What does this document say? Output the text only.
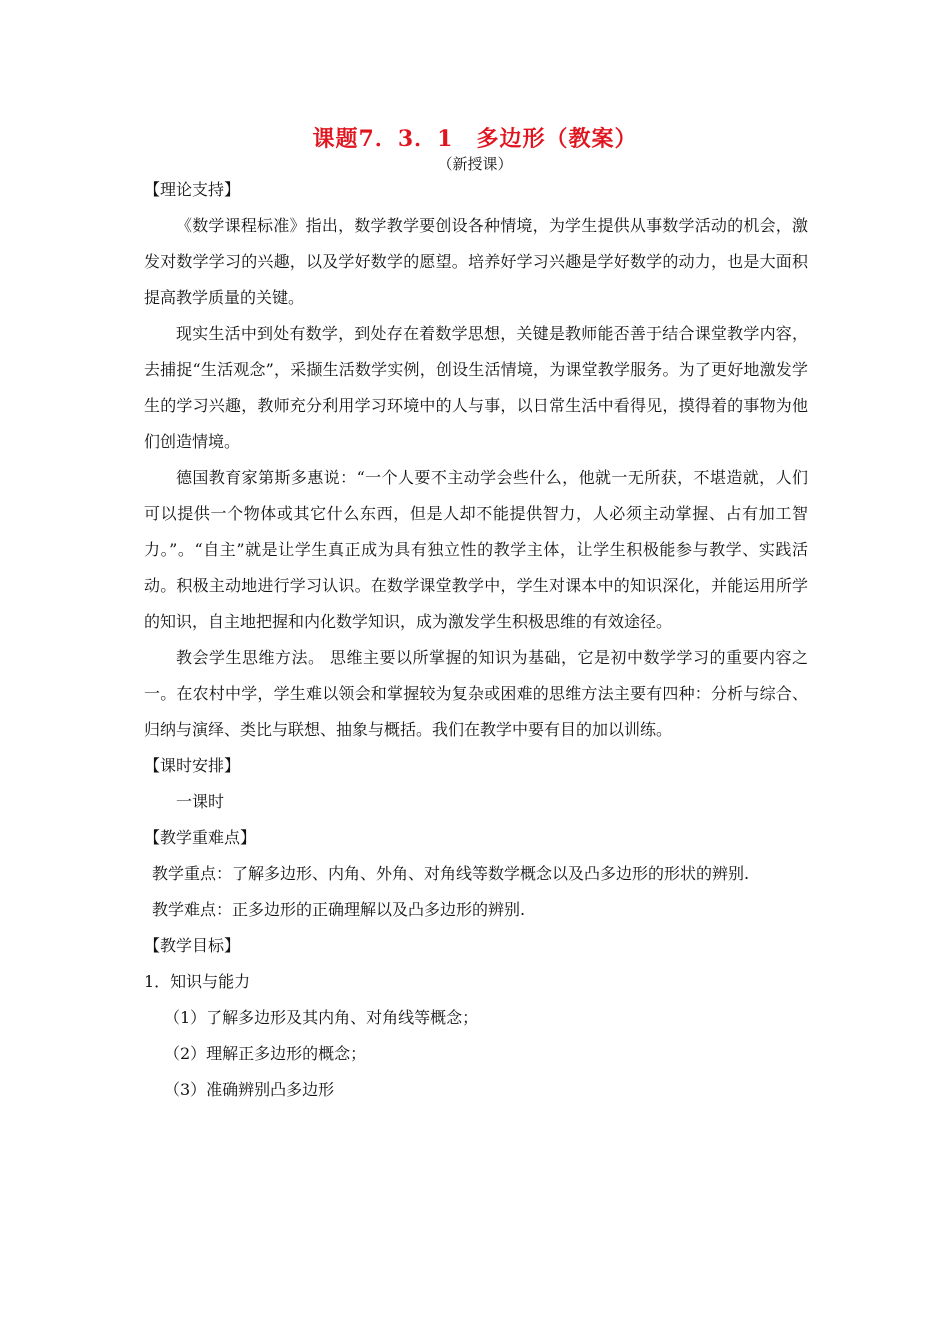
课题7．3．1　多边形（教案）
（新授课）

【理论支持】

《数学课程标准》指出，数学教学要创设各种情境，为学生提供从事数学活动的机会，激发对数学学习的兴趣，以及学好数学的愿望。培养好学习兴趣是学好数学的动力，也是大面积提高教学质量的关键。

现实生活中到处有数学，到处存在着数学思想，关键是教师能否善于结合课堂教学内容，去捕捉“生活观念”，采撷生活数学实例，创设生活情境，为课堂教学服务。为了更好地激发学生的学习兴趣，教师充分利用学习环境中的人与事，以日常生活中看得见，摸得着的事物为他们创造情境。

德国教育家第斯多惠说：“一个人要不主动学会些什么，他就一无所获，不堪造就，人们可以提供一个物体或其它什么东西，但是人却不能提供智力，人必须主动掌握、占有加工智力。”。“自主”就是让学生真正成为具有独立性的教学主体，让学生积极能参与教学、实践活动。积极主动地进行学习认识。在数学课堂教学中，学生对课本中的知识深化，并能运用所学的知识，自主地把握和内化数学知识，成为激发学生积极思维的有效途径。

教会学生思维方法。 思维主要以所掌握的知识为基础，它是初中数学学习的重要内容之一。在农村中学，学生难以领会和掌握较为复杂或困难的思维方法主要有四种：分析与综合、归纳与演绎、类比与联想、抽象与概括。我们在教学中要有目的加以训练。

【课时安排】

一课时

【教学重难点】

教学重点：了解多边形、内角、外角、对角线等数学概念以及凸多边形的形状的辨别.

教学难点：正多边形的正确理解以及凸多边形的辨别.

【教学目标】

1．知识与能力

（1）了解多边形及其内角、对角线等概念；

（2）理解正多边形的概念；

（3）准确辨别凸多边形
